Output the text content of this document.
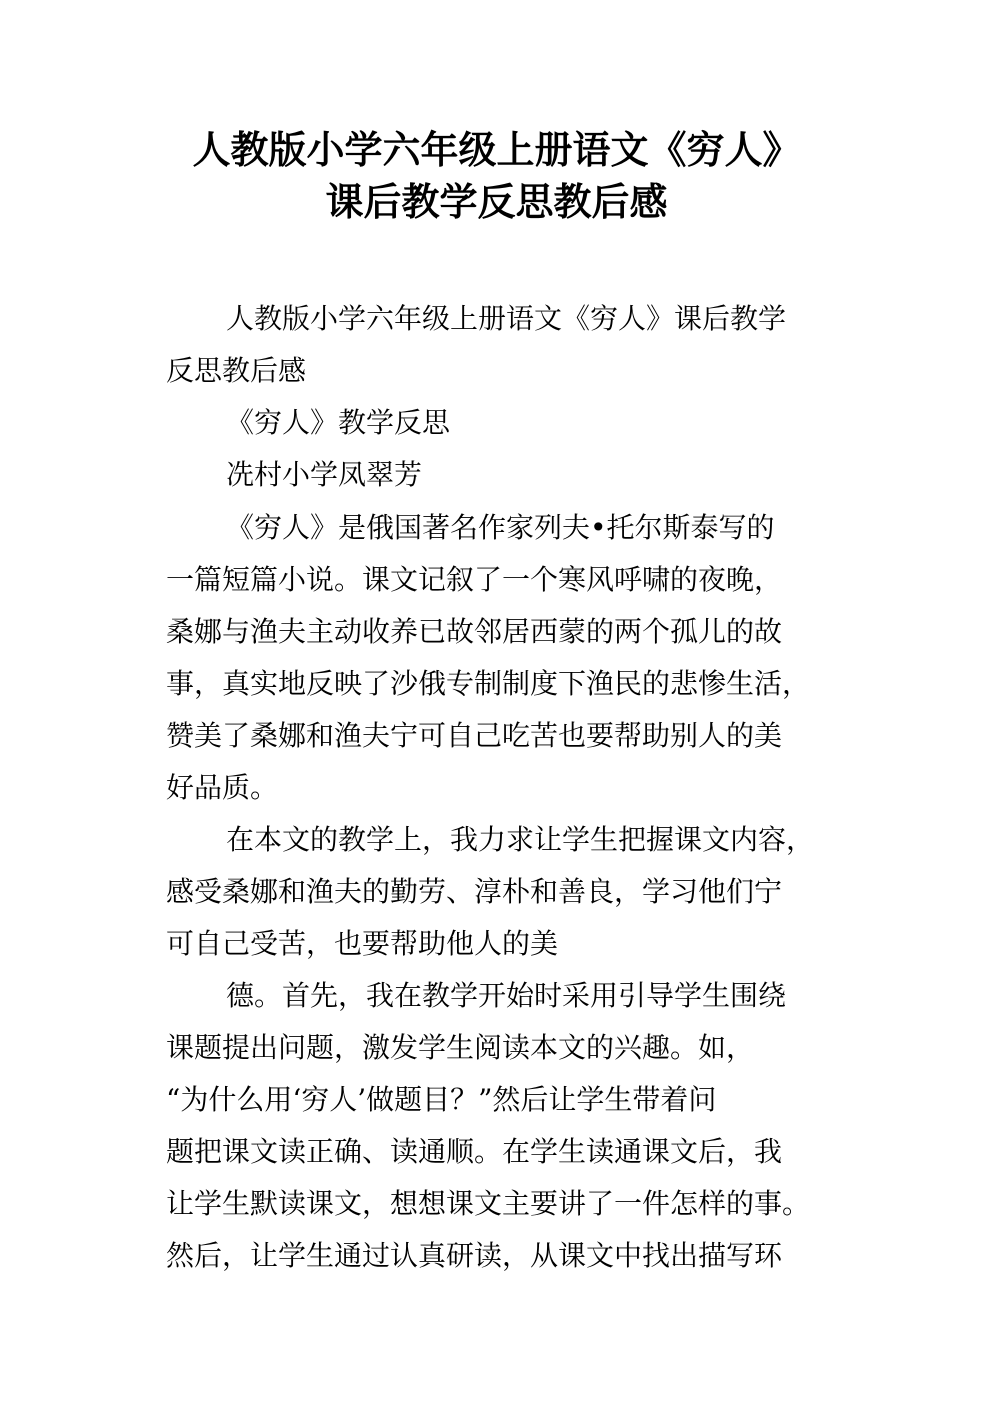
人教版小学六年级上册语文《穷人》
课后教学反思教后感

人教版小学六年级上册语文《穷人》课后教学

反思教后感

《穷人》教学反思

冼村小学凤翠芳

《穷人》是俄国著名作家列夫•托尔斯泰写的

一篇短篇小说。课文记叙了一个寒风呼啸的夜晚，

桑娜与渔夫主动收养已故邻居西蒙的两个孤儿的故

事，真实地反映了沙俄专制制度下渔民的悲惨生活，

赞美了桑娜和渔夫宁可自己吃苦也要帮助别人的美

好品质。

在本文的教学上，我力求让学生把握课文内容，

感受桑娜和渔夫的勤劳、淳朴和善良，学习他们宁

可自己受苦，也要帮助他人的美

德。首先，我在教学开始时采用引导学生围绕

课题提出问题，激发学生阅读本文的兴趣。如，

“为什么用‘穷人’做题目？”然后让学生带着问

题把课文读正确、读通顺。在学生读通课文后，我

让学生默读课文，想想课文主要讲了一件怎样的事。

然后，让学生通过认真研读，从课文中找出描写环
